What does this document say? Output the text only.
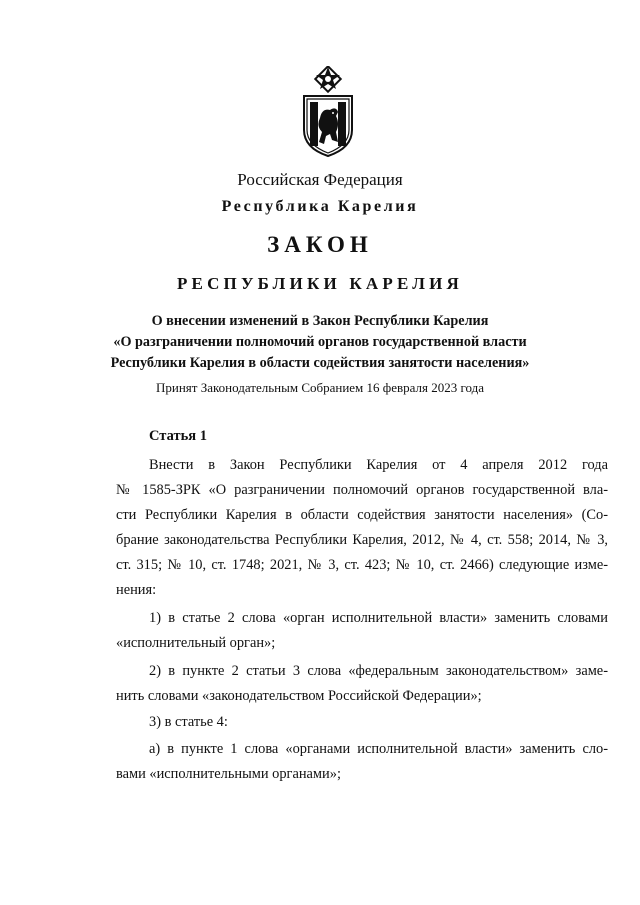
Российская Федерация
Республика Карелия
ЗАКОН
РЕСПУБЛИКИ КАРЕЛИЯ
О внесении изменений в Закон Республики Карелия
«О разграничении полномочий органов государственной власти
Республики Карелия в области содействия занятости населения»
Принят Законодательным Собранием 16 февраля 2023 года
Статья 1
Внести в Закон Республики Карелия от 4 апреля 2012 года
№ 1585-ЗРК «О разграничении полномочий органов государственной вла-
сти Республики Карелия в области содействия занятости населения» (Со-
брание законодательства Республики Карелия, 2012, № 4, ст. 558; 2014, № 3,
ст. 315; № 10, ст. 1748; 2021, № 3, ст. 423; № 10, ст. 2466) следующие изме-
нения:
1) в статье 2 слова «орган исполнительной власти» заменить словами
«исполнительный орган»;
2) в пункте 2 статьи 3 слова «федеральным законодательством» заме-
нить словами «законодательством Российской Федерации»;
3) в статье 4:
а) в пункте 1 слова «органами исполнительной власти» заменить сло-
вами «исполнительными органами»;
